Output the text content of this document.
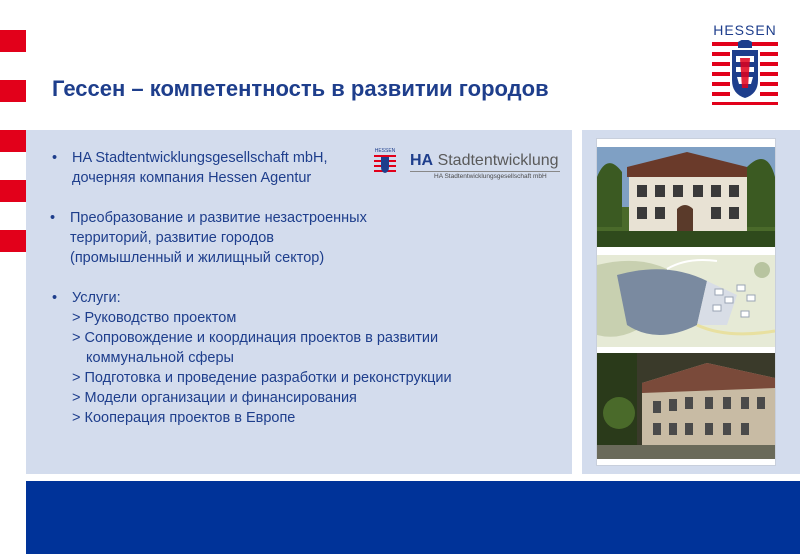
Гессен – компетентность в развитии городов
HESSEN
• HA Stadtentwicklungsgesellschaft mbH,
дочерняя компания Hessen Agentur
HESSEN
HA Stadtentwicklung
HA Stadtentwicklungsgesellschaft mbH
• Преобразование и развитие незастроенных
территорий, развитие городов
(промышленный и жилищный сектор)
• Услуги:
> Руководство проектом
> Сопровождение и координация проектов в развитии
коммунальной сферы
> Подготовка и проведение разработки и реконструкции
> Модели организации и финансирования
> Кооперация проектов в Европе
